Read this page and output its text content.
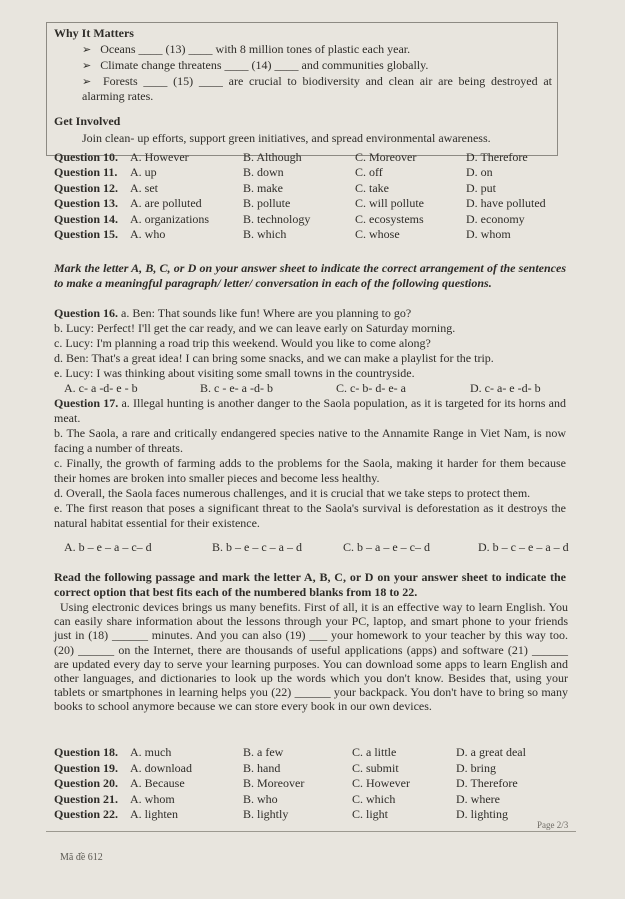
Why It Matters
➢ Oceans ____ (13) ____ with 8 million tones of plastic each year.
➢ Climate change threatens ____ (14) ____ and communities globally.
➢ Forests ____ (15) ____ are crucial to biodiversity and clean air are being destroyed at alarming rates.
Get Involved
Join clean- up efforts, support green initiatives, and spread environmental awareness.
Question 10. A. However	B. Although	C. Moreover	D. Therefore
Question 11. A. up	B. down	C. off	D. on
Question 12. A. set	B. make	C. take	D. put
Question 13. A. are polluted	B. pollute	C. will pollute	D. have polluted
Question 14. A. organizations	B. technology	C. ecosystems	D. economy
Question 15. A. who	B. which	C. whose	D. whom
Mark the letter A, B, C, or D on your answer sheet to indicate the correct arrangement of the sentences to make a meaningful paragraph/ letter/ conversation in each of the following questions.
Question 16. a. Ben: That sounds like fun! Where are you planning to go?
b. Lucy: Perfect! I'll get the car ready, and we can leave early on Saturday morning.
c. Lucy: I'm planning a road trip this weekend. Would you like to come along?
d. Ben: That's a great idea! I can bring some snacks, and we can make a playlist for the trip.
e. Lucy: I was thinking about visiting some small towns in the countryside.
A. c- a -d- e - b	B. c - e- a -d- b	C. c- b- d- e- a	D. c- a- e -d- b
Question 17. a. Illegal hunting is another danger to the Saola population, as it is targeted for its horns and meat.
b. The Saola, a rare and critically endangered species native to the Annamite Range in Viet Nam, is now facing a number of threats.
c. Finally, the growth of farming adds to the problems for the Saola, making it harder for them because their homes are broken into smaller pieces and become less healthy.
d. Overall, the Saola faces numerous challenges, and it is crucial that we take steps to protect them.
e. The first reason that poses a significant threat to the Saola's survival is deforestation as it destroys the natural habitat essential for their existence.
A. b – e – a – c– d	B. b – e – c – a – d	C. b – a – e – c– d	D. b – c – e – a – d
Read the following passage and mark the letter A, B, C, or D on your answer sheet to indicate the correct option that best fits each of the numbered blanks from 18 to 22.
Using electronic devices brings us many benefits. First of all, it is an effective way to learn English. You can easily share information about the lessons through your PC, laptop, and smart phone to your friends just in (18) ______ minutes. And you can also (19) ___ your homework to your teacher by this way too. (20) ______ on the Internet, there are thousands of useful applications (apps) and software (21) ______ are updated every day to serve your learning purposes. You can download some apps to learn English and other languages, and dictionaries to look up the words which you don't know. Besides that, using your tablets or smartphones in learning helps you (22) ______ your backpack. You don't have to bring so many books to school anymore because we can store every book in our own devices.
Question 18. A. much	B. a few	C. a little	D. a great deal
Question 19. A. download	B. hand	C. submit	D. bring
Question 20. A. Because	B. Moreover	C. However	D. Therefore
Question 21. A. whom	B. who	C. which	D. where
Question 22. A. lighten	B. lightly	C. light	D. lighting
Page 2/3
Mã đề 612
